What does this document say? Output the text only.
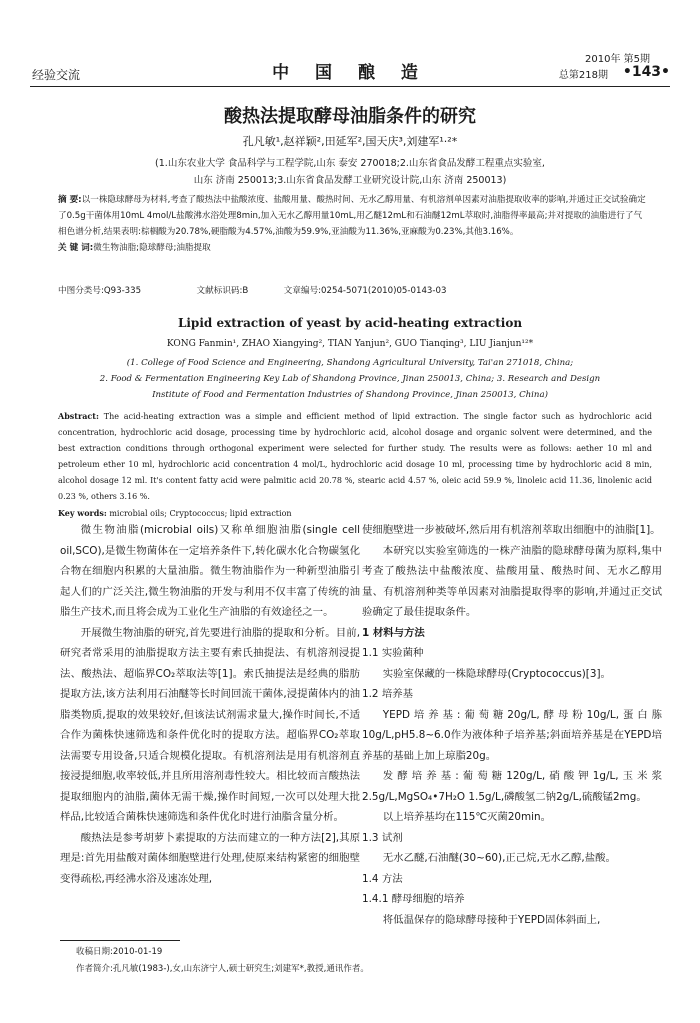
经验交流	中 国 酿 造
2010年 第5期
总第218期 •143•
酸热法提取酵母油脂条件的研究
孔凡敏¹,赵祥颖²,田延军²,国天庆³,刘建军¹·²*
(1.山东农业大学 食品科学与工程学院,山东 泰安 270018;2.山东省食品发酵工程重点实验室,
山东 济南 250013;3.山东省食品发酵工业研究设计院,山东 济南 250013)
摘 要:以一株隐球酵母为材料,考查了酸热法中盐酸浓度、盐酸用量、酸热时间、无水乙醇用量、有机溶剂单因素对油脂提取收率的影响,并通过正交试验确定了0.5g干菌体用10mL 4mol/L盐酸沸水浴处理8min,加入无水乙醇用量10mL,用乙醚12mL和石油醚12mL萃取时,油脂得率最高;并对提取的油脂进行了气相色谱分析,结果表明:棕榈酸为20.78%,硬脂酸为4.57%,油酸为59.9%,亚油酸为11.36%,亚麻酸为0.23%,其他3.16%。
关 键 词:微生物油脂;隐球酵母;油脂提取
中图分类号:Q93-335	文献标识码:B	文章编号:0254-5071(2010)05-0143-03
Lipid extraction of yeast by acid-heating extraction
KONG Fanmin¹, ZHAO Xiangying², TIAN Yanjun², GUO Tianqing³, LIU Jianjun¹²*
(1. College of Food Science and Engineering, Shandong Agricultural University, Tai'an 271018, China;
2. Food & Fermentation Engineering Key Lab of Shandong Province, Jinan 250013, China; 3. Research and Design
Institute of Food and Fermentation Industries of Shandong Province, Jinan 250013, China)
Abstract: The acid-heating extraction was a simple and efficient method of lipid extraction. The single factor such as hydrochloric acid concentration, hydrochloric acid dosage, processing time by hydrochloric acid, alcohol dosage and organic solvent were determined, and the best extraction conditions through orthogonal experiment were selected for further study. The results were as follows: aether 10 ml and petroleum ether 10 ml, hydrochloric acid concentration 4 mol/L, hydrochloric acid dosage 10 ml, processing time by hydrochloric acid 8 min, alcohol dosage 12 ml. It's content fatty acid were palmitic acid 20.78 %, stearic acid 4.57 %, oleic acid 59.9 %, linoleic acid 11.36, linolenic acid 0.23 %, others 3.16 %.
Key words: microbial oils; Cryptococcus; lipid extraction

微生物油脂(microbial oils)又称单细胞油脂(single cell oil,SCO),是微生物菌体在一定培养条件下,转化碳水化合物碳氢化合物在细胞内积累的大量油脂。微生物油脂作为一种新型油脂引起人们的广泛关注,微生物油脂的开发与利用不仅丰富了传统的油脂生产技术,而且将会成为工业化生产油脂的有效途径之一。

开展微生物油脂的研究,首先要进行油脂的提取和分析。目前,研究者常采用的油脂提取方法主要有索氏抽提法、有机溶剂浸提法、酸热法、超临界CO₂萃取法等[1]。索氏抽提法是经典的脂肪提取方法,该方法利用石油醚等长时间回流干菌体,浸提菌体内的油脂类物质,提取的效果较好,但该法试剂需求量大,操作时间长,不适合作为菌株快速筛选和条件优化时的提取方法。超临界CO₂萃取法需要专用设备,只适合规模化提取。有机溶剂法是用有机溶剂直接浸提细胞,收率较低,并且所用溶剂毒性较大。相比较而言酸热法提取细胞内的油脂,菌体无需干燥,操作时间短,一次可以处理大批样品,比较适合菌株快速筛选和条件优化时进行油脂含量分析。

酸热法是参考胡萝卜素提取的方法而建立的一种方法[2],其原理是:首先用盐酸对菌体细胞壁进行处理,使原来结构紧密的细胞壁变得疏松,再经沸水浴及速冻处理,

使细胞壁进一步被破坏,然后用有机溶剂萃取出细胞中的油脂[1]。

本研究以实验室筛选的一株产油脂的隐球酵母菌为原料,集中考查了酸热法中盐酸浓度、盐酸用量、酸热时间、无水乙醇用量、有机溶剂种类等单因素对油脂提取得率的影响,并通过正交试验确定了最佳提取条件。

1 材料与方法

1.1 实验菌种

实验室保藏的一株隐球酵母(Cryptococcus)[3]。

1.2 培养基

YEPD培养基:葡萄糖20g/L,酵母粉10g/L,蛋白胨10g/L,pH5.8~6.0作为液体种子培养基;斜面培养基是在YEPD培养基的基础上加上琼脂20g。

发酵培养基:葡萄糖120g/L,硝酸钾1g/L,玉米浆2.5g/L,MgSO₄•7H₂O 1.5g/L,磷酸氢二钠2g/L,硫酸锰2mg。

以上培养基均在115℃灭菌20min。

1.3 试剂

无水乙醚,石油醚(30~60),正己烷,无水乙醇,盐酸。

1.4 方法

1.4.1 酵母细胞的培养

将低温保存的隐球酵母接种于YEPD固体斜面上,

收稿日期:2010-01-19
作者简介:孔凡敏(1983-),女,山东济宁人,硕士研究生;刘建军*,教授,通讯作者。
